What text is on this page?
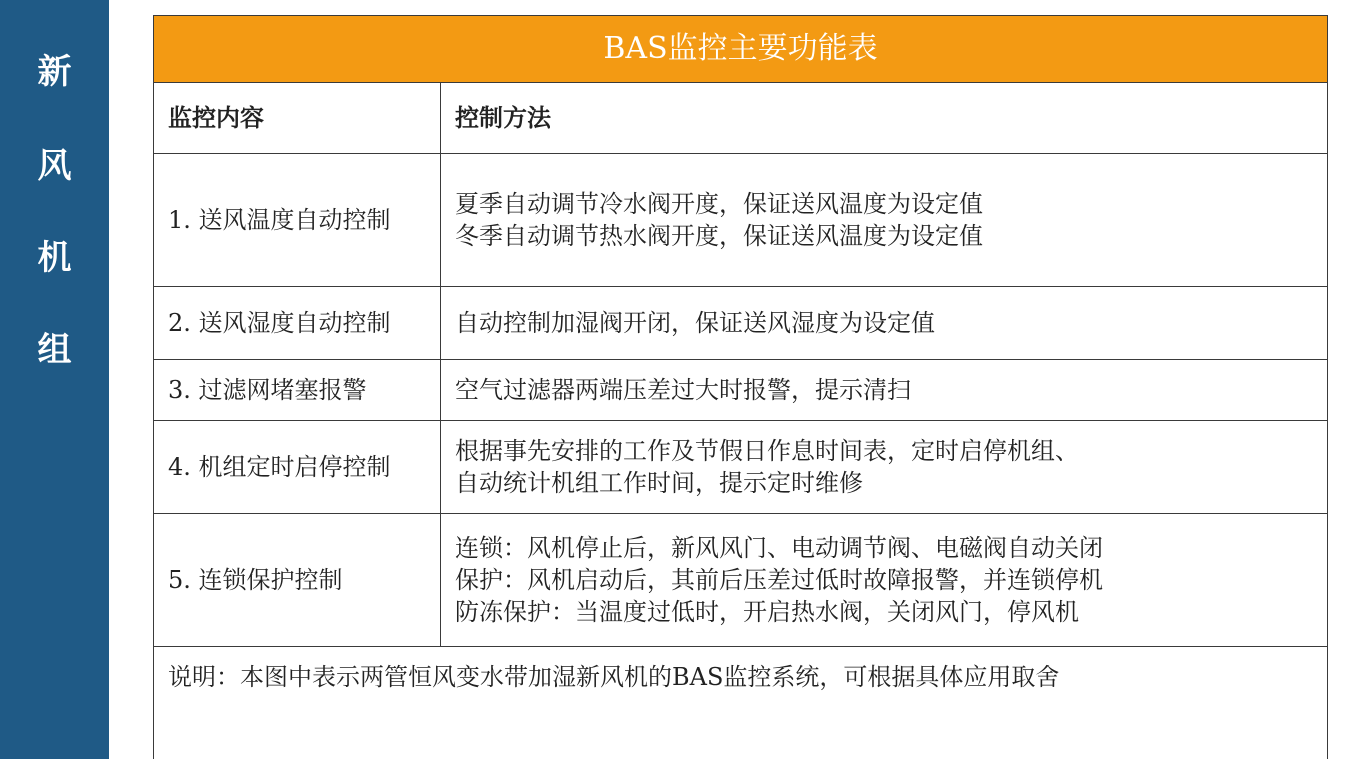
新
风
机
组
BAS监控主要功能表	
监控内容	控制方法
1. 送风温度自动控制	夏季自动调节冷水阀开度，保证送风温度为设定值
冬季自动调节热水阀开度，保证送风温度为设定值

2. 送风湿度自动控制	自动控制加湿阀开闭，保证送风湿度为设定值

3. 过滤网堵塞报警	空气过滤器两端压差过大时报警，提示清扫

4. 机组定时启停控制	根据事先安排的工作及节假日作息时间表，定时启停机组、
自动统计机组工作时间，提示定时维修

5. 连锁保护控制	连锁：风机停止后，新风风门、电动调节阀、电磁阀自动关闭
保护：风机启动后，其前后压差过低时故障报警，并连锁停机
防冻保护：当温度过低时，开启热水阀，关闭风门，停风机

说明：本图中表示两管恒风变水带加湿新风机的BAS监控系统，可根据具体应用取舍	
